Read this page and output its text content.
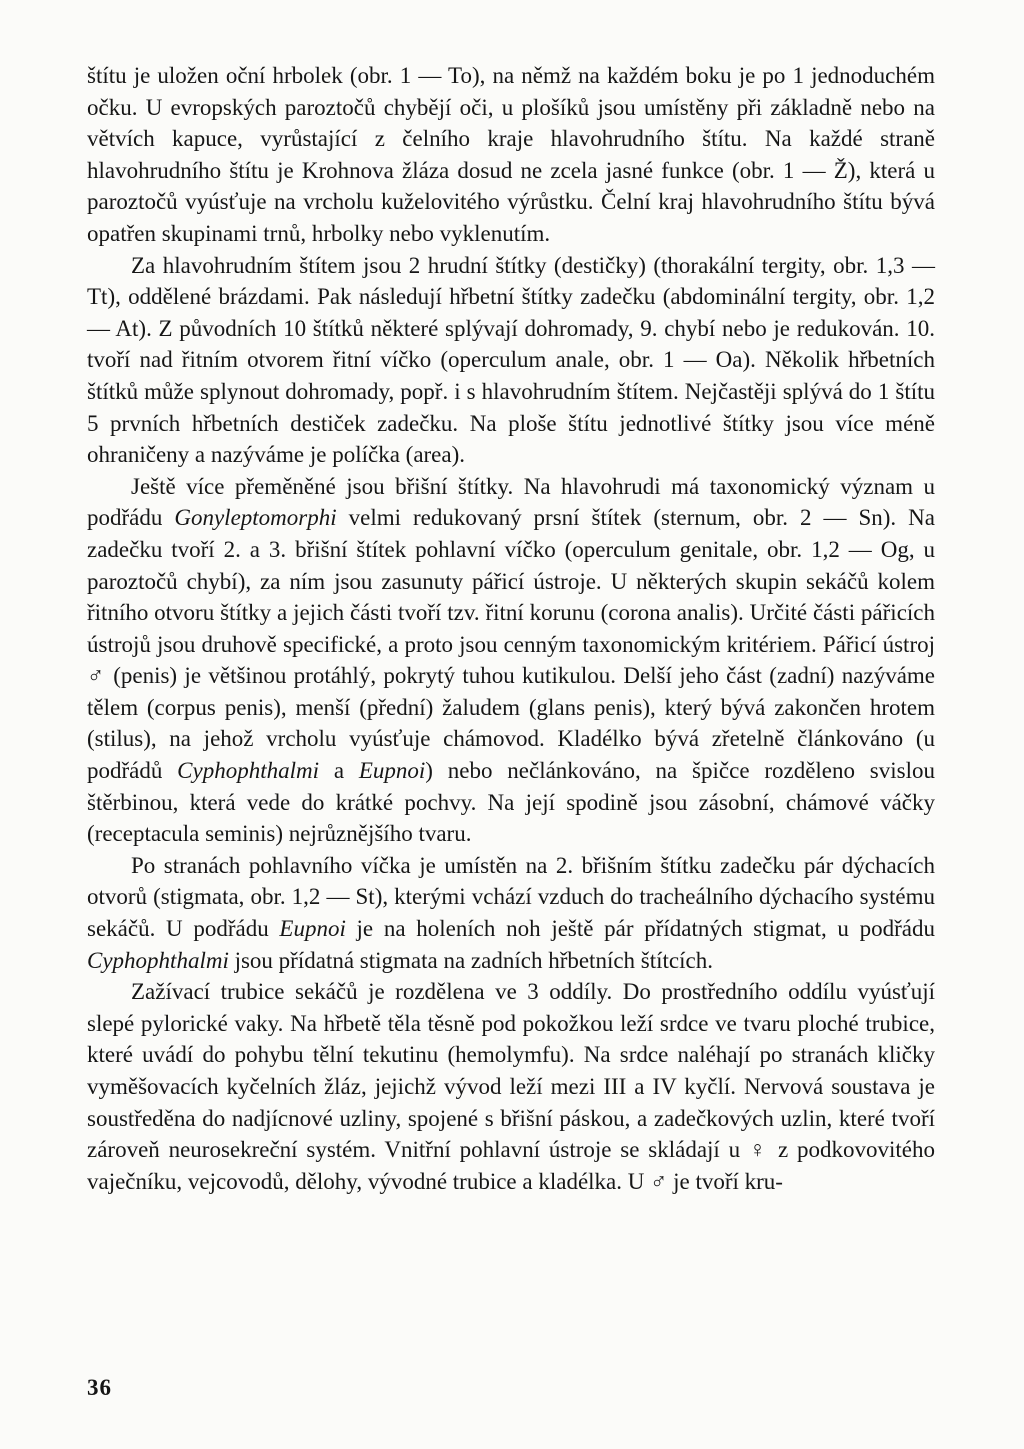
štítu je uložen oční hrbolek (obr. 1 — To), na němž na každém boku je po 1 jednoduchém očku. U evropských paroztočů chybějí oči, u plošíků jsou umístěny při základně nebo na větvích kapuce, vyrůstající z čelního kraje hlavohrudního štítu. Na každé straně hlavohrudního štítu je Krohnova žláza dosud ne zcela jasné funkce (obr. 1 — Ž), která u paroztočů vyúsťuje na vrcholu kuželovitého výrůstku. Čelní kraj hlavohrudního štítu bývá opatřen skupinami trnů, hrbolky nebo vyklenutím.

Za hlavohrudním štítem jsou 2 hrudní štítky (destičky) (thorakální tergity, obr. 1,3 — Tt), oddělené brázdami. Pak následují hřbetní štítky zadečku (abdominální tergity, obr. 1,2 — At). Z původních 10 štítků některé splývají dohromady, 9. chybí nebo je redukován. 10. tvoří nad řitním otvorem řitní víčko (operculum anale, obr. 1 — Oa). Několik hřbetních štítků může splynout dohromady, popř. i s hlavohrudním štítem. Nejčastěji splývá do 1 štítu 5 prvních hřbetních destiček zadečku. Na ploše štítu jednotlivé štítky jsou více méně ohraničeny a nazýváme je políčka (area).

Ještě více přeměněné jsou břišní štítky. Na hlavohrudi má taxonomický význam u podřádu Gonyleptomorphi velmi redukovaný prsní štítek (sternum, obr. 2 — Sn). Na zadečku tvoří 2. a 3. břišní štítek pohlavní víčko (operculum genitale, obr. 1,2 — Og, u paroztočů chybí), za ním jsou zasunuty pářicí ústroje. U některých skupin sekáčů kolem řitního otvoru štítky a jejich části tvoří tzv. řitní korunu (corona analis). Určité části pářicích ústrojů jsou druhově specifické, a proto jsou cenným taxonomickým kritériem. Pářicí ústroj ♂ (penis) je většinou protáhlý, pokrytý tuhou kutikulou. Delší jeho část (zadní) nazýváme tělem (corpus penis), menší (přední) žaludem (glans penis), který bývá zakončen hrotem (stilus), na jehož vrcholu vyúsťuje chámovod. Kladélko bývá zřetelně článkováno (u podřádů Cyphophthalmi a Eupnoi) nebo nečlánkováno, na špičce rozděleno svislou štěrbinou, která vede do krátké pochvy. Na její spodině jsou zásobní, chámové váčky (receptacula seminis) nejrůznějšího tvaru.

Po stranách pohlavního víčka je umístěn na 2. břišním štítku zadečku pár dýchacích otvorů (stigmata, obr. 1,2 — St), kterými vchází vzduch do tracheálního dýchacího systému sekáčů. U podřádu Eupnoi je na holeních noh ještě pár přídatných stigmat, u podřádu Cyphophthalmi jsou přídatná stigmata na zadních hřbetních štítcích.

Zažívací trubice sekáčů je rozdělena ve 3 oddíly. Do prostředního oddílu vyúsťují slepé pylorické vaky. Na hřbetě těla těsně pod pokožkou leží srdce ve tvaru ploché trubice, které uvádí do pohybu tělní tekutinu (hemolymfu). Na srdce naléhají po stranách kličky vyměšovacích kyčelních žláz, jejichž vývod leží mezi III a IV kyčlí. Nervová soustava je soustředěna do nadjícnové uzliny, spojené s břišní páskou, a zadečkových uzlin, které tvoří zároveň neurosekreční systém. Vnitřní pohlavní ústroje se skládají u ♀ z podkovovitého vaječníku, vejcovodů, dělohy, vývodné trubice a kladélka. U ♂ je tvoří kru-

36
